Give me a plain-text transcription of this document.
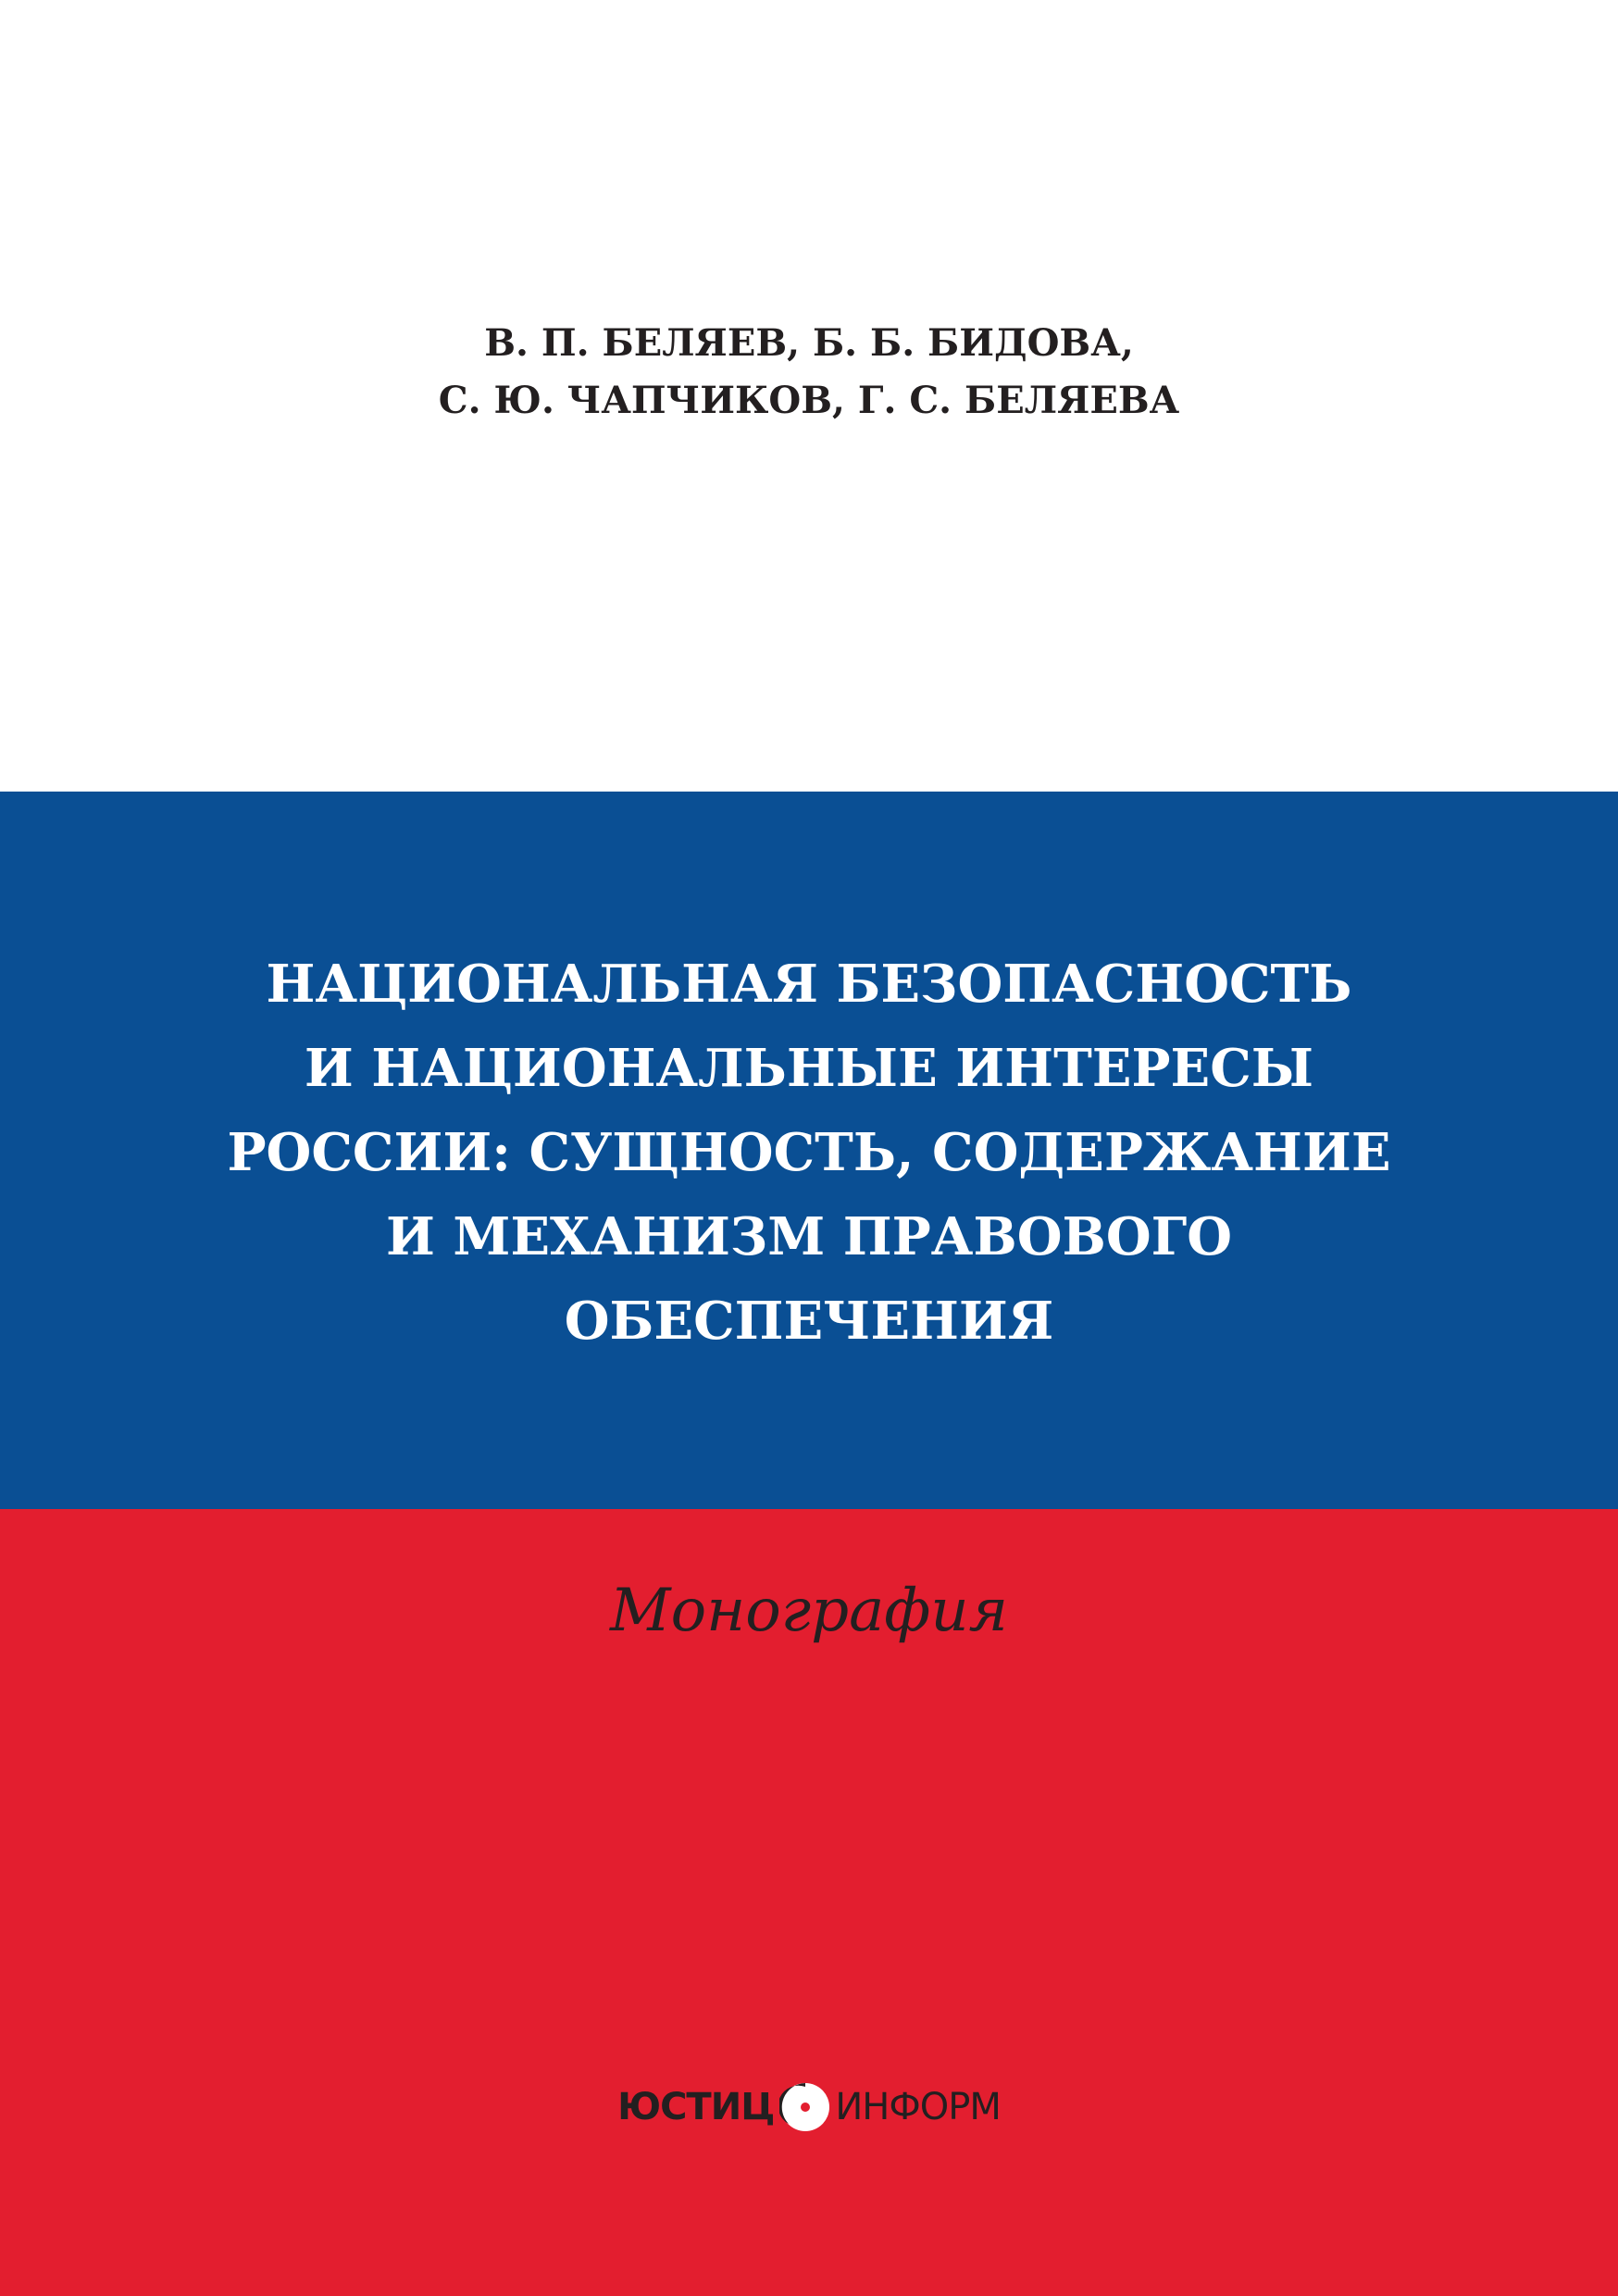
В. П. БЕЛЯЕВ, Б. Б. БИДОВА,
С. Ю. ЧАПЧИКОВ, Г. С. БЕЛЯЕВА
НАЦИОНАЛЬНАЯ БЕЗОПАСНОСТЬ
И НАЦИОНАЛЬНЫЕ ИНТЕРЕСЫ
РОССИИ: СУЩНОСТЬ, СОДЕРЖАНИЕ
И МЕХАНИЗМ ПРАВОВОГО
ОБЕСПЕЧЕНИЯ
Монография
ЮСТИЦ ИНФОРМ
